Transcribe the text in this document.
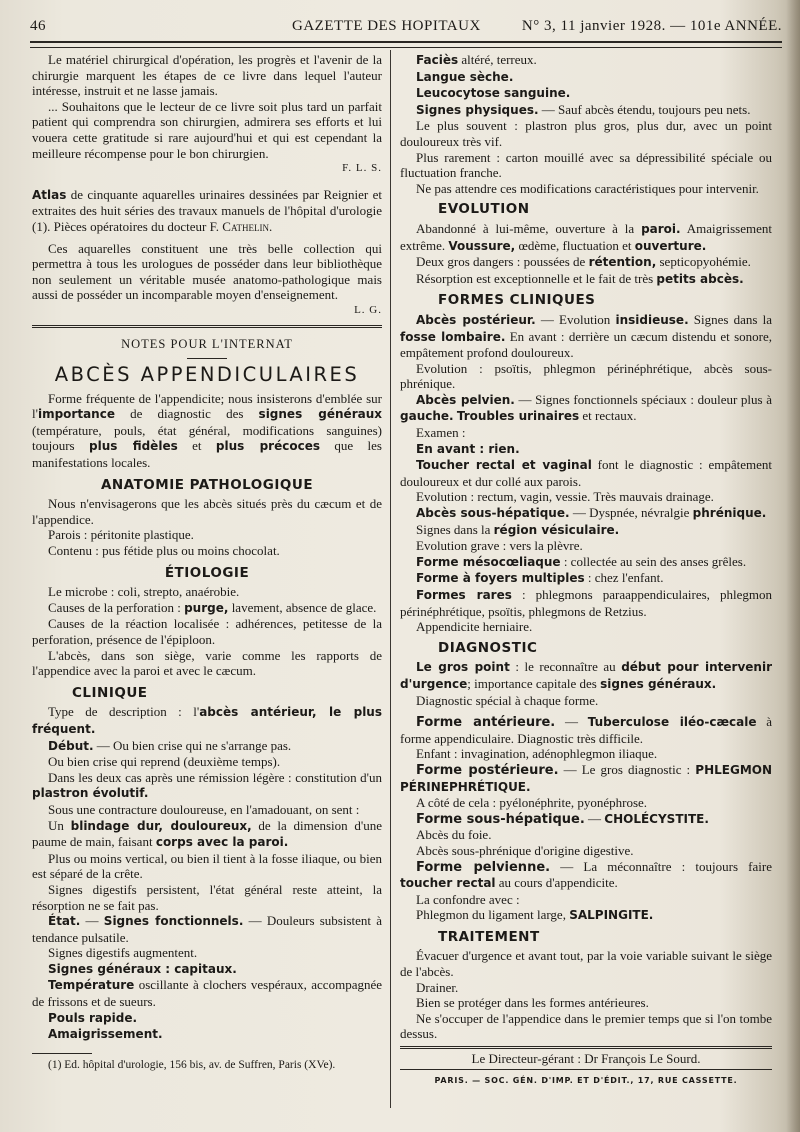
46	GAZETTE DES HOPITAUX	N° 3, 11 janvier 1928. — 101e ANNÉE.

Le matériel chirurgical d'opération, les progrès et l'avenir de la chirurgie marquent les étapes de ce livre dans lequel l'auteur intéresse, instruit et ne lasse jamais.

... Souhaitons que le lecteur de ce livre soit plus tard un parfait patient qui comprendra son chirurgien, admirera ses efforts et lui vouera cette gratitude si rare aujourd'hui et qui est cependant la meilleure récompense pour le bon chirurgien.

F. L. S.

Atlas de cinquante aquarelles urinaires dessinées par Reignier et extraites des huit séries des travaux manuels de l'hôpital d'urologie (1). Pièces opératoires du docteur F. Cathelin.

Ces aquarelles constituent une très belle collection qui permettra à tous les urologues de posséder dans leur bibliothèque non seulement un véritable musée anatomo-pathologique mais aussi de posséder un incomparable moyen d'enseignement.

L. G.

NOTES POUR L'INTERNAT
ABCÈS APPENDICULAIRES

Forme fréquente de l'appendicite; nous insisterons d'emblée sur l'importance de diagnostic des signes généraux (température, pouls, état général, modifications sanguines) toujours plus fidèles et plus précoces que les manifestations locales.

ANATOMIE PATHOLOGIQUE

Nous n'envisagerons que les abcès situés près du cæcum et de l'appendice.

Parois : péritonite plastique.

Contenu : pus fétide plus ou moins chocolat.

ÉTIOLOGIE

Le microbe : coli, strepto, anaérobie.

Causes de la perforation : purge, lavement, absence de glace.

Causes de la réaction localisée : adhérences, petitesse de la perforation, présence de l'épiploon.

L'abcès, dans son siège, varie comme les rapports de l'appendice avec la paroi et avec le cæcum.

CLINIQUE

Type de description : l'abcès antérieur, le plus fréquent.

Début. — Ou bien crise qui ne s'arrange pas.

Ou bien crise qui reprend (deuxième temps).

Dans les deux cas après une rémission légère : constitution d'un plastron évolutif.

Sous une contracture douloureuse, en l'amadouant, on sent :

Un blindage dur, douloureux, de la dimension d'une paume de main, faisant corps avec la paroi.

Plus ou moins vertical, ou bien il tient à la fosse iliaque, ou bien est séparé de la crête.

Signes digestifs persistent, l'état général reste atteint, la résorption ne se fait pas.

État. — Signes fonctionnels. — Douleurs subsistent à tendance pulsatile.

Signes digestifs augmentent.

Signes généraux : capitaux.

Température oscillante à clochers vespéraux, accompagnée de frissons et de sueurs.

Pouls rapide.

Amaigrissement.

(1) Ed. hôpital d'urologie, 156 bis, av. de Suffren, Paris (XVe).

Faciès altéré, terreux.

Langue sèche.

Leucocytose sanguine.

Signes physiques. — Sauf abcès étendu, toujours peu nets.

Le plus souvent : plastron plus gros, plus dur, avec un point douloureux très vif.

Plus rarement : carton mouillé avec sa dépressibilité spéciale ou fluctuation franche.

Ne pas attendre ces modifications caractéristiques pour intervenir.

EVOLUTION

Abandonné à lui-même, ouverture à la paroi. Amaigrissement extrême. Voussure, œdème, fluctuation et ouverture.

Deux gros dangers : poussées de rétention, septicopyohémie.

Résorption est exceptionnelle et le fait de très petits abcès.

FORMES CLINIQUES

Abcès postérieur. — Evolution insidieuse. Signes dans la fosse lombaire. En avant : derrière un cæcum distendu et sonore, empâtement profond douloureux.

Evolution : psoïtis, phlegmon périnéphrétique, abcès sous-phrénique.

Abcès pelvien. — Signes fonctionnels spéciaux : douleur plus à gauche. Troubles urinaires et rectaux.

Examen :

En avant : rien.

Toucher rectal et vaginal font le diagnostic : empâtement douloureux et dur collé aux parois.

Evolution : rectum, vagin, vessie. Très mauvais drainage.

Abcès sous-hépatique. — Dyspnée, névralgie phrénique.

Signes dans la région vésiculaire.

Evolution grave : vers la plèvre.

Forme mésocœliaque : collectée au sein des anses grêles.

Forme à foyers multiples : chez l'enfant.

Formes rares : phlegmons paraappendiculaires, phlegmon périnéphrétique, psoïtis, phlegmons de Retzius.

Appendicite herniaire.

DIAGNOSTIC

Le gros point : le reconnaître au début pour intervenir d'urgence; importance capitale des signes généraux.

Diagnostic spécial à chaque forme.

Forme antérieure. — Tuberculose iléo-cæcale à forme appendiculaire. Diagnostic très difficile.

Enfant : invagination, adénophlegmon iliaque.

Forme postérieure. — Le gros diagnostic : PHLEGMON PÉRINEPHRÉTIQUE.

A côté de cela : pyélonéphrite, pyonéphrose.

Forme sous-hépatique. — CHOLÉCYSTITE.

Abcès du foie.

Abcès sous-phrénique d'origine digestive.

Forme pelvienne. — La méconnaître : toujours faire toucher rectal au cours d'appendicite.

La confondre avec :

Phlegmon du ligament large, SALPINGITE.

TRAITEMENT

Évacuer d'urgence et avant tout, par la voie variable suivant le siège de l'abcès.

Drainer.

Bien se protéger dans les formes antérieures.

Ne s'occuper de l'appendice dans le premier temps que si l'on tombe dessus.

Le Directeur-gérant : Dr François Le Sourd.
PARIS. — SOC. GÉN. D'IMP. ET D'ÉDIT., 17, RUE CASSETTE.
